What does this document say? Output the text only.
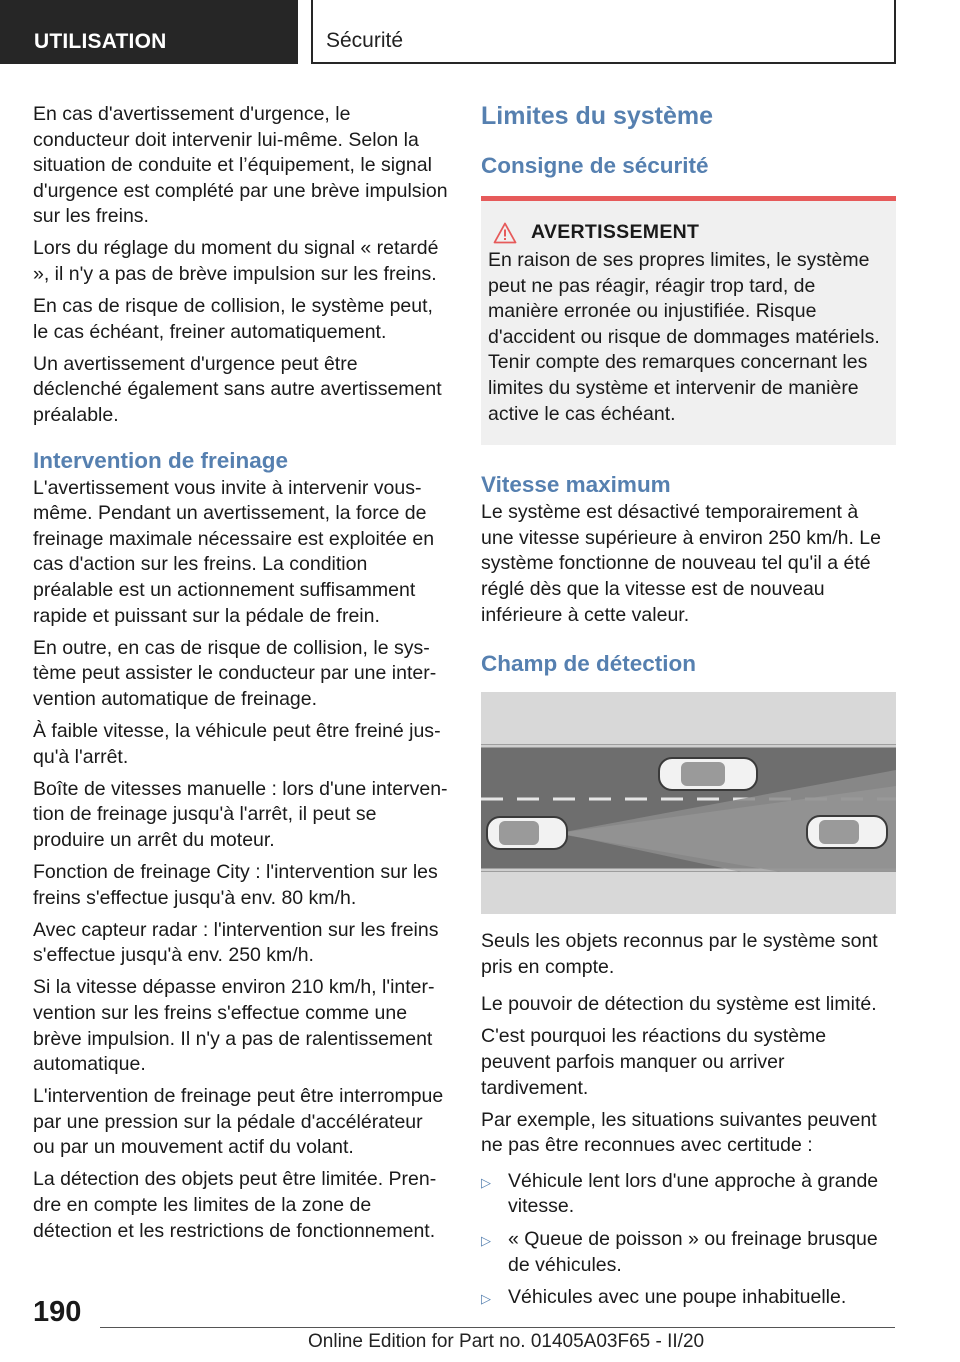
UTILISATION	Sécurité

En cas d'avertissement d'urgence, le conducteur doit intervenir lui-même. Selon la situation de conduite et l’équipement, le signal d'urgence est complété par une brève impulsion sur les freins.

Lors du réglage du moment du signal « retardé », il n'y a pas de brève impulsion sur les freins.

En cas de risque de collision, le système peut, le cas échéant, freiner automatiquement.

Un avertissement d'urgence peut être déclenché également sans autre avertissement préalable.

Intervention de freinage

L'avertissement vous invite à intervenir vous-même. Pendant un avertissement, la force de freinage maximale nécessaire est exploitée en cas d'action sur les freins. La condition préalable est un actionnement suffisamment rapide et puissant sur la pédale de frein.

En outre, en cas de risque de collision, le système peut assister le conducteur par une intervention automatique de freinage.

À faible vitesse, la véhicule peut être freiné jusqu'à l'arrêt.

Boîte de vitesses manuelle : lors d'une intervention de freinage jusqu'à l'arrêt, il peut se produire un arrêt du moteur.

Fonction de freinage City : l'intervention sur les freins s'effectue jusqu'à env. 80 km/h.

Avec capteur radar : l'intervention sur les freins s'effectue jusqu'à env. 250 km/h.

Si la vitesse dépasse environ 210 km/h, l'intervention sur les freins s'effectue comme une brève impulsion. Il n'y a pas de ralentissement automatique.

L'intervention de freinage peut être interrompue par une pression sur la pédale d'accélérateur ou par un mouvement actif du volant.

La détection des objets peut être limitée. Prendre en compte les limites de la zone de détection et les restrictions de fonctionnement.

Limites du système
Consigne de sécurité
AVERTISSEMENT

En raison de ses propres limites, le système peut ne pas réagir, réagir trop tard, de manière erronée ou injustifiée. Risque d'accident ou risque de dommages matériels. Tenir compte des remarques concernant les limites du système et intervenir de manière active le cas échéant.

Vitesse maximum

Le système est désactivé temporairement à une vitesse supérieure à environ 250 km/h. Le système fonctionne de nouveau tel qu'il a été réglé dès que la vitesse est de nouveau inférieure à cette valeur.

Champ de détection

Seuls les objets reconnus par le système sont pris en compte.

Le pouvoir de détection du système est limité.

C'est pourquoi les réactions du système peuvent parfois manquer ou arriver tardivement.

Par exemple, les situations suivantes peuvent ne pas être reconnues avec certitude :

▷ Véhicule lent lors d'une approche à grande vitesse.
▷ « Queue de poisson » ou freinage brusque de véhicules.
▷ Véhicules avec une poupe inhabituelle.
190
Online Edition for Part no. 01405A03F65 - II/20
